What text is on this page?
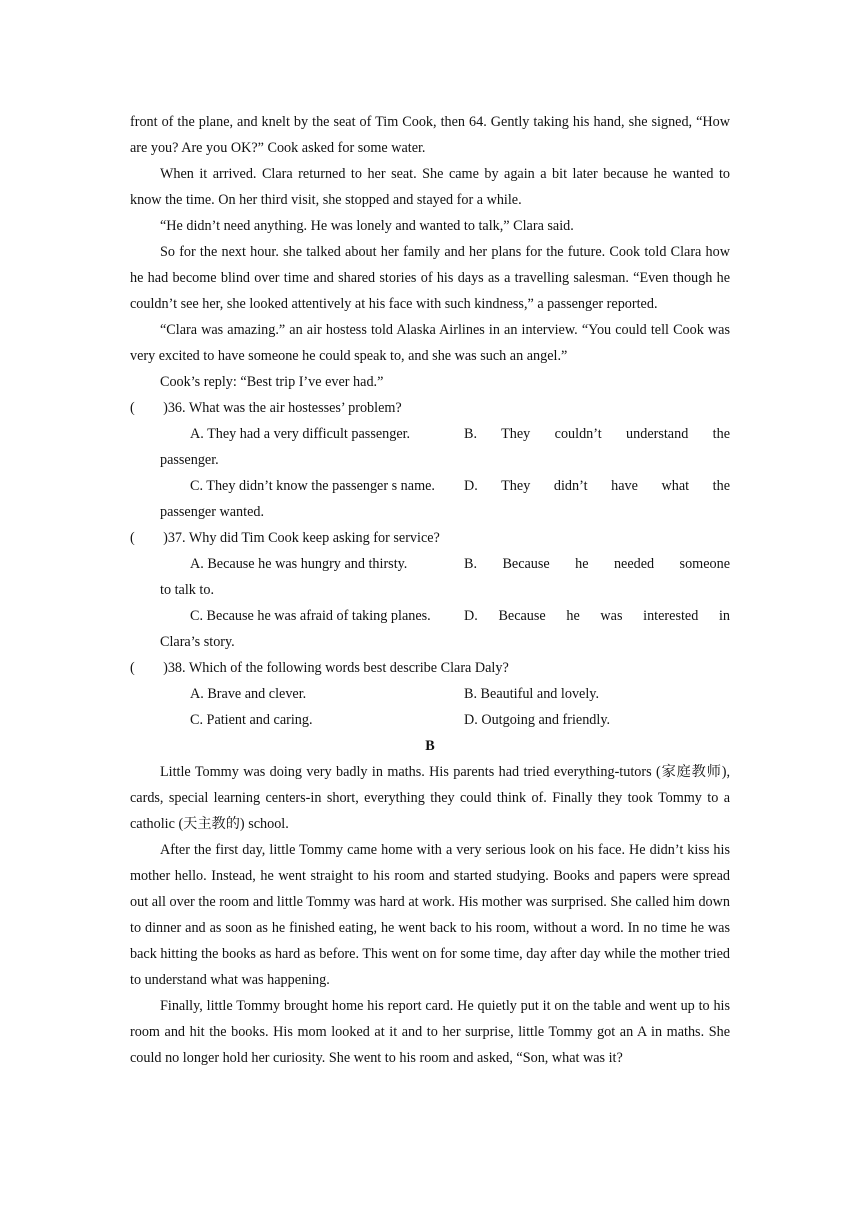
front of the plane, and knelt by the seat of Tim Cook, then 64. Gently taking his hand, she signed, “How are you? Are you OK?” Cook asked for some water.

When it arrived. Clara returned to her seat. She came by again a bit later because he wanted to know the time. On her third visit, she stopped and stayed for a while.

“He didn’t need anything. He was lonely and wanted to talk,” Clara said.

So for the next hour. she talked about her family and her plans for the future. Cook told Clara how he had become blind over time and shared stories of his days as a travelling salesman. “Even though he couldn’t see her, she looked attentively at his face with such kindness,” a passenger reported.

“Clara was amazing.” an air hostess told Alaska Airlines in an interview. “You could tell Cook was very excited to have someone he could speak to, and she was such an angel.”

Cook’s reply: “Best trip I’ve ever had.”

(        )36. What was the air hostesses’ problem?

A. They had a very difficult passenger.	B. They couldn’t understand the
passenger.
C. They didn’t know the passenger s name.	D. They didn’t have what the
passenger wanted.

(        )37. Why did Tim Cook keep asking for service?

A. Because he was hungry and thirsty.	B. Because he needed someone
to talk to.
C. Because he was afraid of taking planes.	D. Because he was interested in
Clara’s story.

(        )38. Which of the following words best describe Clara Daly?

A. Brave and clever.	B. Beautiful and lovely.
C. Patient and caring.	D. Outgoing and friendly.

B

Little Tommy was doing very badly in maths. His parents had tried everything-tutors (家庭教师), cards, special learning centers-in short, everything they could think of. Finally they took Tommy to a catholic (天主教的) school.

After the first day, little Tommy came home with a very serious look on his face. He didn’t kiss his mother hello. Instead, he went straight to his room and started studying. Books and papers were spread out all over the room and little Tommy was hard at work. His mother was surprised. She called him down to dinner and as soon as he finished eating, he went back to his room, without a word. In no time he was back hitting the books as hard as before. This went on for some time, day after day while the mother tried to understand what was happening.

Finally, little Tommy brought home his report card. He quietly put it on the table and went up to his room and hit the books. His mom looked at it and to her surprise, little Tommy got an A in maths. She could no longer hold her curiosity. She went to his room and asked, “Son, what was it?
